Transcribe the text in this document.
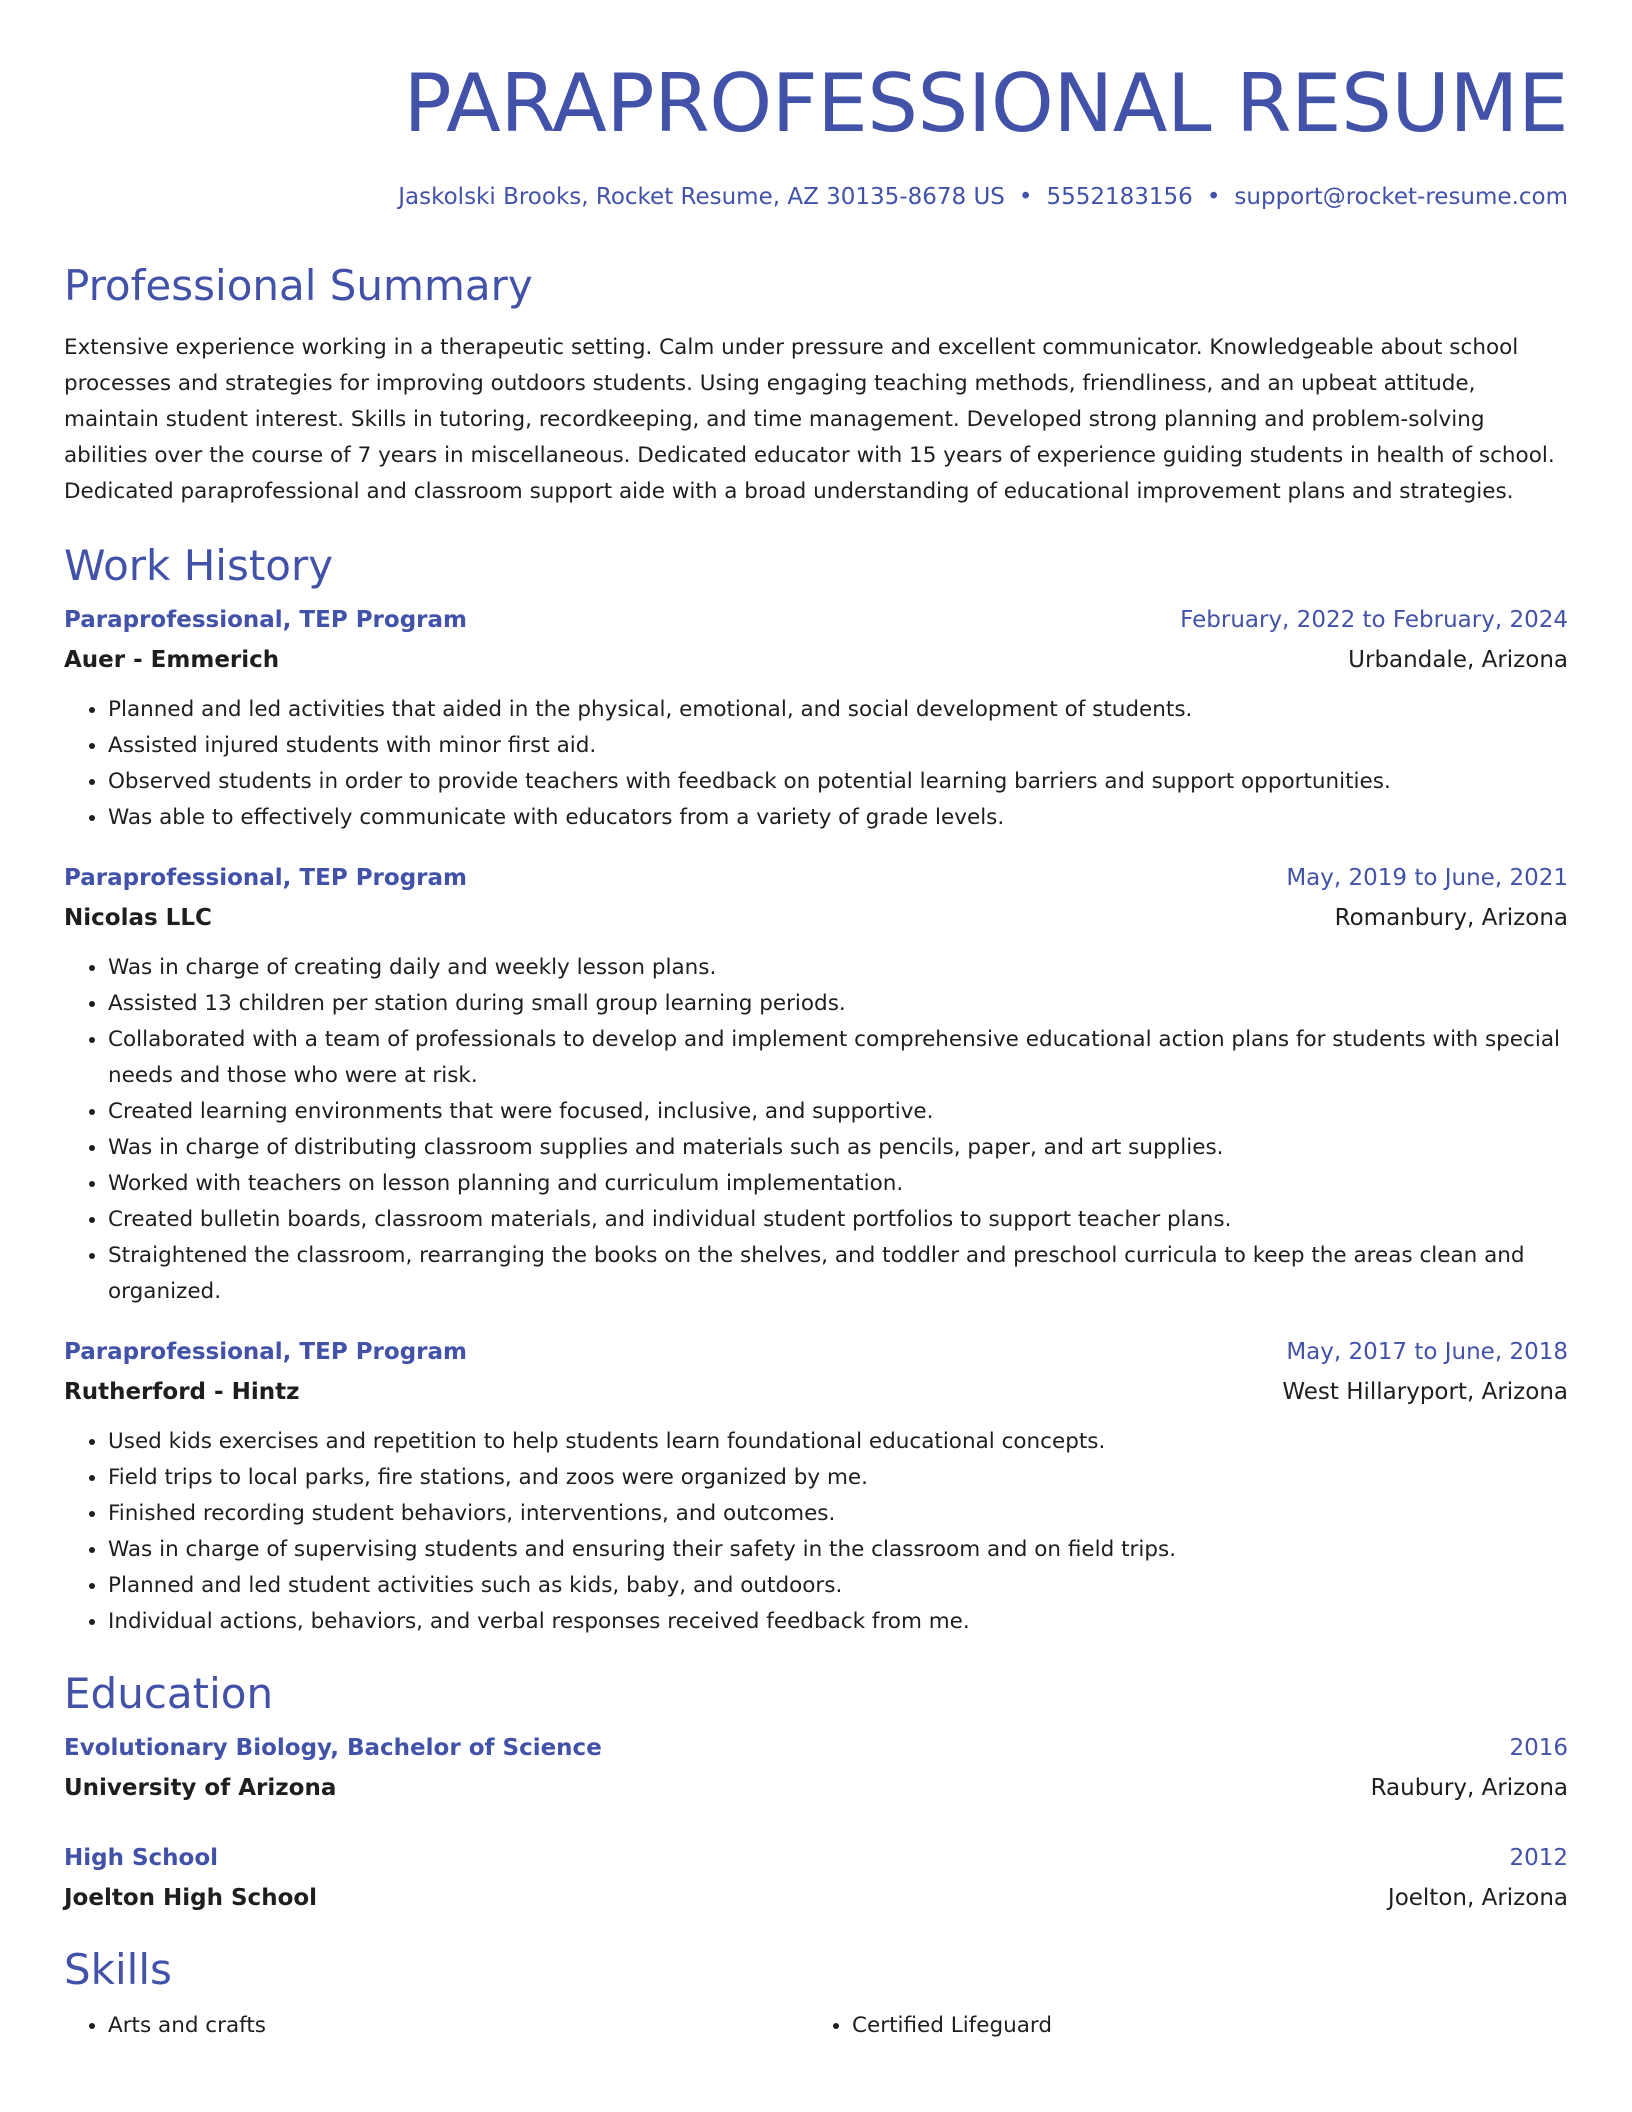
PARAPROFESSIONAL RESUME
Jaskolski Brooks, Rocket Resume, AZ 30135-8678 US • 5552183156 • support@rocket-resume.com
Professional Summary

Extensive experience working in a therapeutic setting. Calm under pressure and excellent communicator. Knowledgeable about school processes and strategies for improving outdoors students. Using engaging teaching methods, friendliness, and an upbeat attitude, maintain student interest. Skills in tutoring, recordkeeping, and time management. Developed strong planning and problem-solving abilities over the course of 7 years in miscellaneous. Dedicated educator with 15 years of experience guiding students in health of school. Dedicated paraprofessional and classroom support aide with a broad understanding of educational improvement plans and strategies.

Work History
Paraprofessional, TEP Program	February, 2022 to February, 2024
Auer - Emmerich	Urbandale, Arizona
• Planned and led activities that aided in the physical, emotional, and social development of students.
• Assisted injured students with minor first aid.
• Observed students in order to provide teachers with feedback on potential learning barriers and support opportunities.
• Was able to effectively communicate with educators from a variety of grade levels.
Paraprofessional, TEP Program	May, 2019 to June, 2021
Nicolas LLC	Romanbury, Arizona
• Was in charge of creating daily and weekly lesson plans.
• Assisted 13 children per station during small group learning periods.
• Collaborated with a team of professionals to develop and implement comprehensive educational action plans for students with special needs and those who were at risk.
• Created learning environments that were focused, inclusive, and supportive.
• Was in charge of distributing classroom supplies and materials such as pencils, paper, and art supplies.
• Worked with teachers on lesson planning and curriculum implementation.
• Created bulletin boards, classroom materials, and individual student portfolios to support teacher plans.
• Straightened the classroom, rearranging the books on the shelves, and toddler and preschool curricula to keep the areas clean and organized.
Paraprofessional, TEP Program	May, 2017 to June, 2018
Rutherford - Hintz	West Hillaryport, Arizona
• Used kids exercises and repetition to help students learn foundational educational concepts.
• Field trips to local parks, fire stations, and zoos were organized by me.
• Finished recording student behaviors, interventions, and outcomes.
• Was in charge of supervising students and ensuring their safety in the classroom and on field trips.
• Planned and led student activities such as kids, baby, and outdoors.
• Individual actions, behaviors, and verbal responses received feedback from me.
Education
Evolutionary Biology, Bachelor of Science	2016
University of Arizona	Raubury, Arizona
High School	2012
Joelton High School	Joelton, Arizona
Skills
• Arts and crafts
•	Certified Lifeguard
